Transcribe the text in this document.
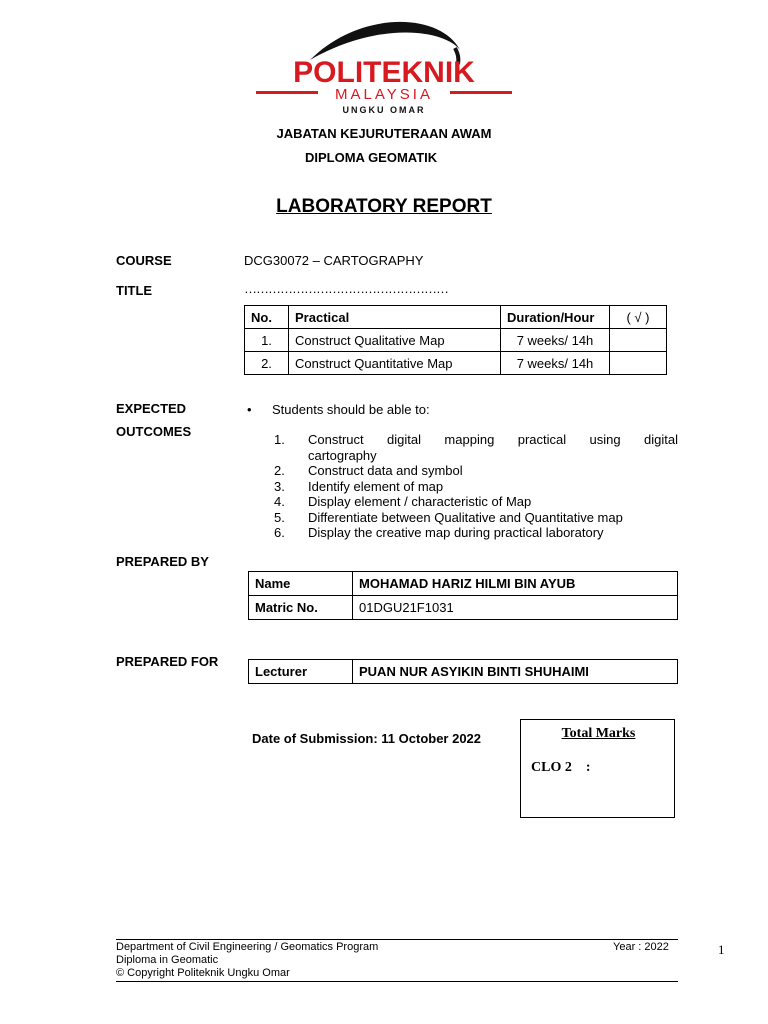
POLITEKNIK
MALAYSIA
UNGKU OMAR
JABATAN KEJURUTERAAN AWAM
DIPLOMA GEOMATIK
LABORATORY REPORT
COURSE	DCG30072 – CARTOGRAPHY
TITLE	……………………………………………
No.	Practical	Duration/Hour	( √ )
1.	Construct Qualitative Map	7 weeks/ 14h	
2.	Construct Quantitative Map	7 weeks/ 14h	
EXPECTED
OUTCOMES
• Students should be able to:
1.	Construct digital mapping practical using digital
cartography
2.	Construct data and symbol
3.	Identify element of map
4.	Display element / characteristic of Map
5.	Differentiate between Qualitative and Quantitative map
6.	Display the creative map during practical laboratory
PREPARED BY
Name	MOHAMAD HARIZ HILMI BIN AYUB
Matric No.	01DGU21F1031
PREPARED FOR
Lecturer	PUAN NUR ASYIKIN BINTI SHUHAIMI
Date of Submission: 11 October 2022	Total Marks
CLO 2    :
Department of Civil Engineering / Geomatics Program
Diploma in Geomatic
© Copyright Politeknik Ungku Omar
Year : 2022	1
